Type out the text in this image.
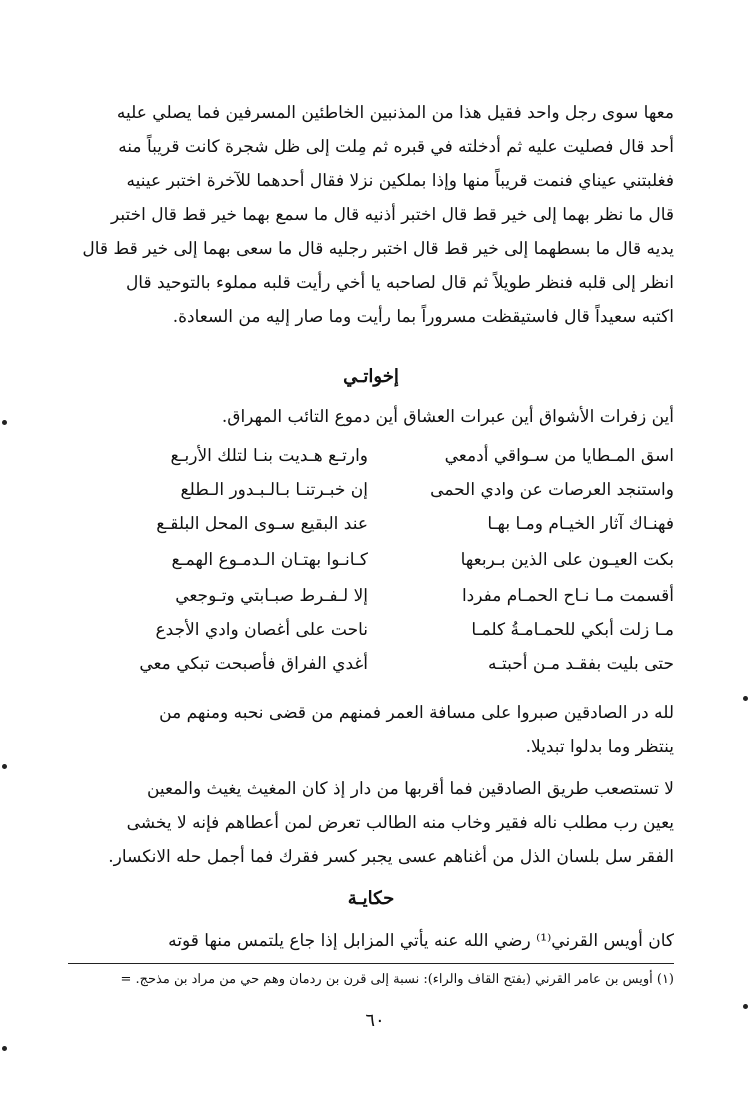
معها سوى رجل واحد فقيل هذا من المذنبين الخاطئين المسرفين فما يصلي عليه

أحد قال فصليت عليه ثم أدخلته في قبره ثم مِلت إلى ظل شجرة كانت قريباً منه

فغلبتني عيناي فنمت قريباً منها وإذا بملكين نزلا فقال أحدهما للآخرة اختبر عينيه

قال ما نظر بهما إلى خير قط قال اختبر أذنيه قال ما سمع بهما خير قط قال اختبر

يديه قال ما بسطهما إلى خير قط قال اختبر رجليه قال ما سعى بهما إلى خير قط قال

انظر إلى قلبه فنظر طويلاً ثم قال لصاحبه يا أخي رأيت قلبه مملوء بالتوحيد قال

اكتبه سعيداً قال فاستيقظت مسروراً بما رأيت وما صار إليه من السعادة.

إخواتـي

أين زفرات الأشواق أين عبرات العشاق أين دموع التائب المهراق.

اسق المـطايا من سـواقي أدمعي
وارتـع هـديت بنـا لتلك الأربـع
واستنجد العرصات عن وادي الحمى
إن خبـرتنـا بـالـبـدور الـطلع
فهنـاك آثار الخيـام ومـا بهـا
عند البقيع سـوى المحل البلقـع
بكت العيـون على الذين بـربعها
كـانـوا بهتـان الـدمـوع الهمـع
أقسمت مـا نـاح الحمـام مفردا
إلا لـفـرط صبـابتي وتـوجعي
مـا زلت أبكي للحمـامـةُ كلمـا
ناحت على أغصان وادي الأجدع
حتى بليت بفقـد مـن أحبتـه
أغدي الفراق فأصبحت تبكي معي

لله در الصادقين صبروا على مسافة العمر فمنهم من قضى نحبه ومنهم من

ينتظر وما بدلوا تبديلا.

لا تستصعب طريق الصادقين فما أقربها من دار إذ كان المغيث يغيث والمعين

يعين رب مطلب ناله فقير وخاب منه الطالب تعرض لمن أعطاهم فإنه لا يخشى

الفقر سل بلسان الذل من أغناهم عسى يجبر كسر فقرك فما أجمل حله الانكسار.

حكايـة

كان أويس القرني⁽¹⁾ رضي الله عنه يأتي المزابل إذا جاع يلتمس منها قوته

(١) أويس بن عامر القرني (بفتح القاف والراء): نسبة إلى قرن بن ردمان وهم حي من مراد بن مذحج. =
٦٠
